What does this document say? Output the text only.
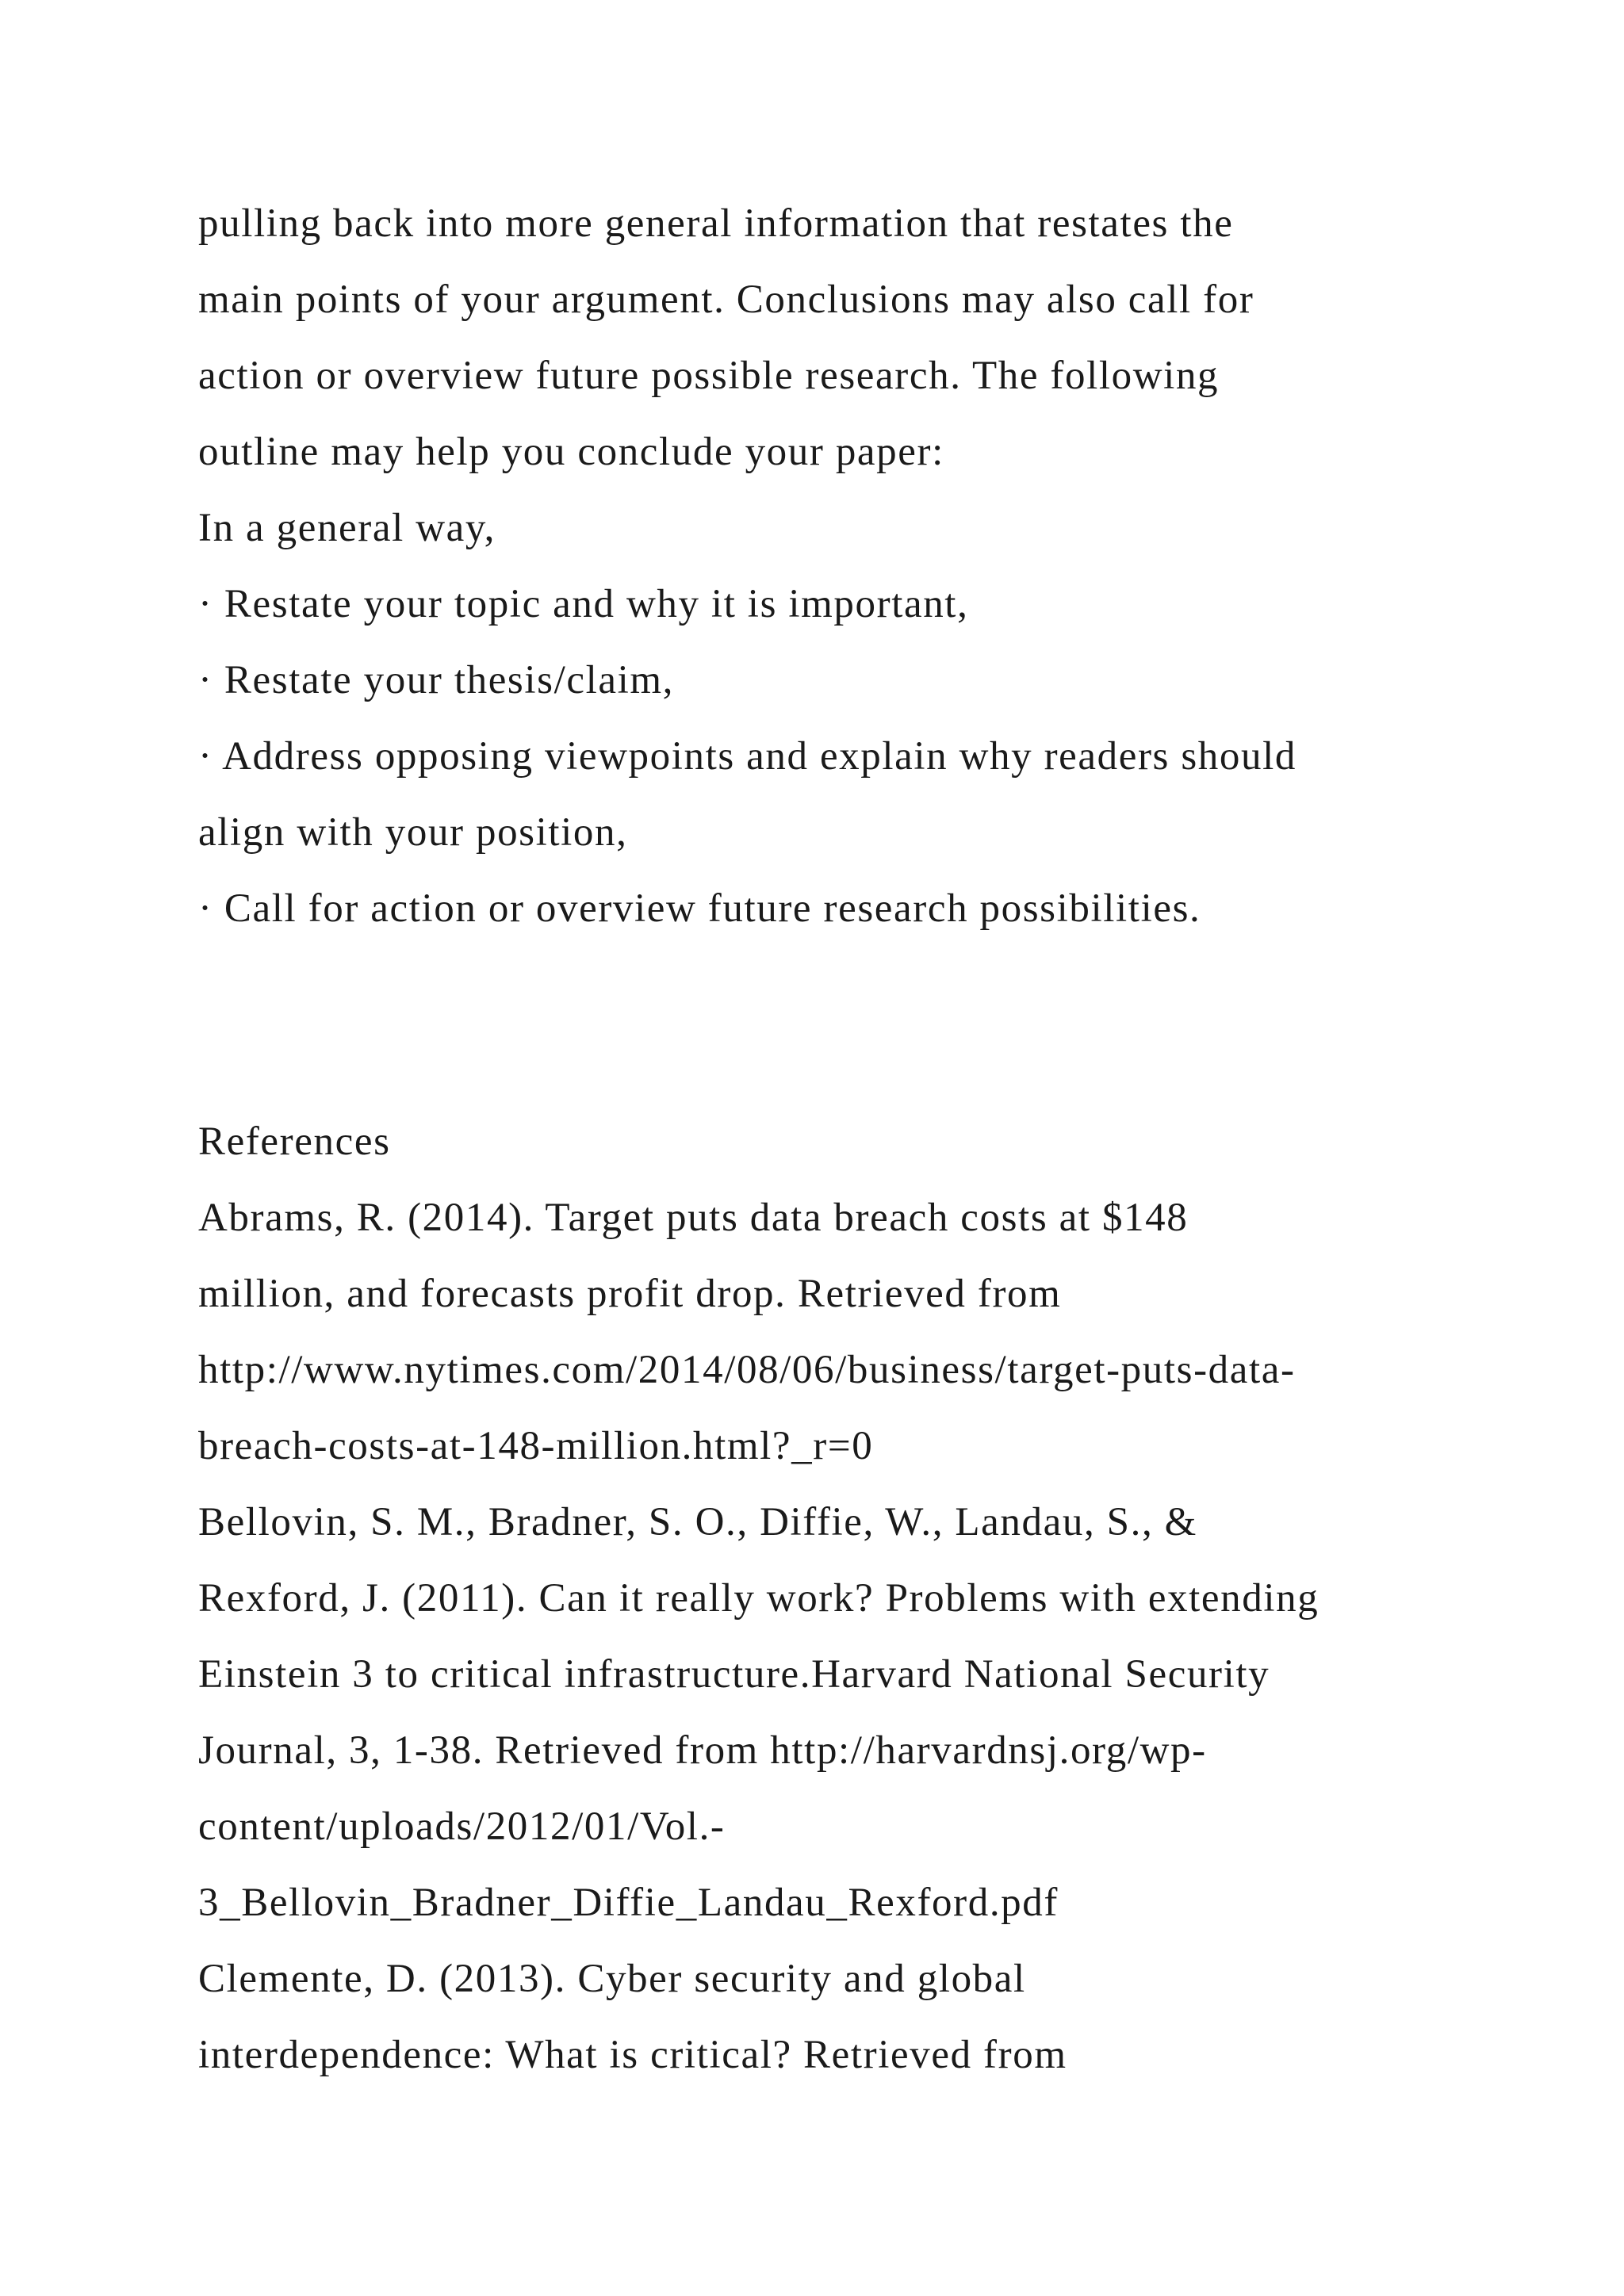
pulling back into more general information that restates the
main points of your argument. Conclusions may also call for
action or overview future possible research. The following
outline may help you conclude your paper:
In a general way,
· Restate your topic and why it is important,
· Restate your thesis/claim,
· Address opposing viewpoints and explain why readers should
align with your position,
· Call for action or overview future research possibilities.
References
Abrams, R. (2014). Target puts data breach costs at $148
million, and forecasts profit drop. Retrieved from
http://www.nytimes.com/2014/08/06/business/target-puts-data-
breach-costs-at-148-million.html?_r=0
Bellovin, S. M., Bradner, S. O., Diffie, W., Landau, S., &
Rexford, J. (2011). Can it really work? Problems with extending
Einstein 3 to critical infrastructure.Harvard National Security
Journal, 3, 1-38. Retrieved from http://harvardnsj.org/wp-
content/uploads/2012/01/Vol.-
3_Bellovin_Bradner_Diffie_Landau_Rexford.pdf
Clemente, D. (2013). Cyber security and global
interdependence: What is critical? Retrieved from
